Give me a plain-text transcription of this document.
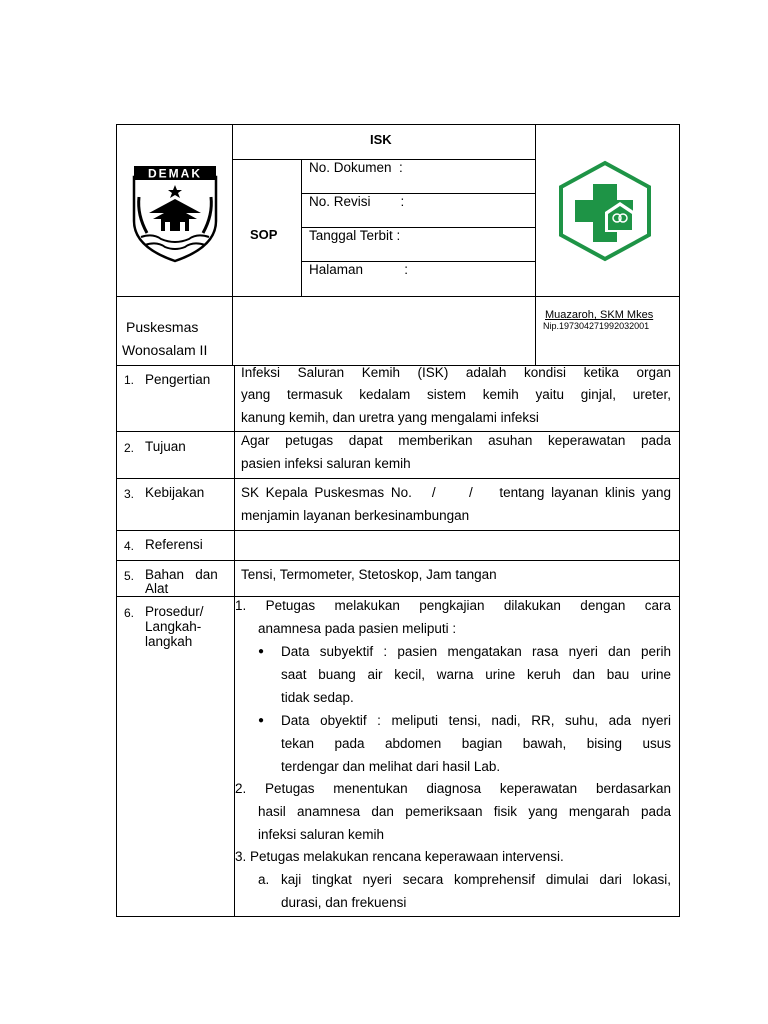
DEMAK
ISK
SOP
No. Dokumen  :
No. Revisi        :
Tanggal Terbit :
Halaman           :
Puskesmas
Wonosalam II
Muazaroh, SKM Mkes
Nip.197304271992032001
1. Pengertian Infeksi  Saluran  Kemih  (ISK)  adalah  kondisi  ketika  organ
yang  termasuk  kedalam  sistem  kemih  yaitu  ginjal,  ureter,
kanung kemih, dan uretra yang mengalami infeksi
2. Tujuan	Agar  petugas  dapat  memberikan  asuhan  keperawatan  pada
pasien infeksi saluran kemih
3. Kebijakan	SK Kepala Puskesmas No.   /     /    tentang layanan klinis yang
menjamin layanan berkesinambungan
4. Referensi
5. Bahan   dan
Alat
Tensi, Termometer, Stetoskop, Jam tangan
6. Prosedur/
Langkah-
langkah
1.  Petugas  melakukan  pengkajian  dilakukan  dengan  cara
anamnesa pada pasien meliputi :
● Data  subyektif  :  pasien  mengatakan  rasa  nyeri  dan  perih
saat  buang  air  kecil,  warna  urine  keruh  dan  bau  urine
tidak sedap.
● Data  obyektif  :  meliputi  tensi,  nadi,  RR,  suhu,  ada  nyeri
tekan    pada    abdomen    bagian    bawah,    bising    usus
terdengar dan melihat dari hasil Lab.
2.  Petugas  menentukan  diagnosa  keperawatan  berdasarkan
hasil anamnesa dan pemeriksaan fisik yang mengarah pada
infeksi saluran kemih
3. Petugas melakukan rencana keperawaan intervensi.
a. kaji  tingkat  nyeri  secara  komprehensif  dimulai  dari  lokasi,
durasi, dan frekuensi
